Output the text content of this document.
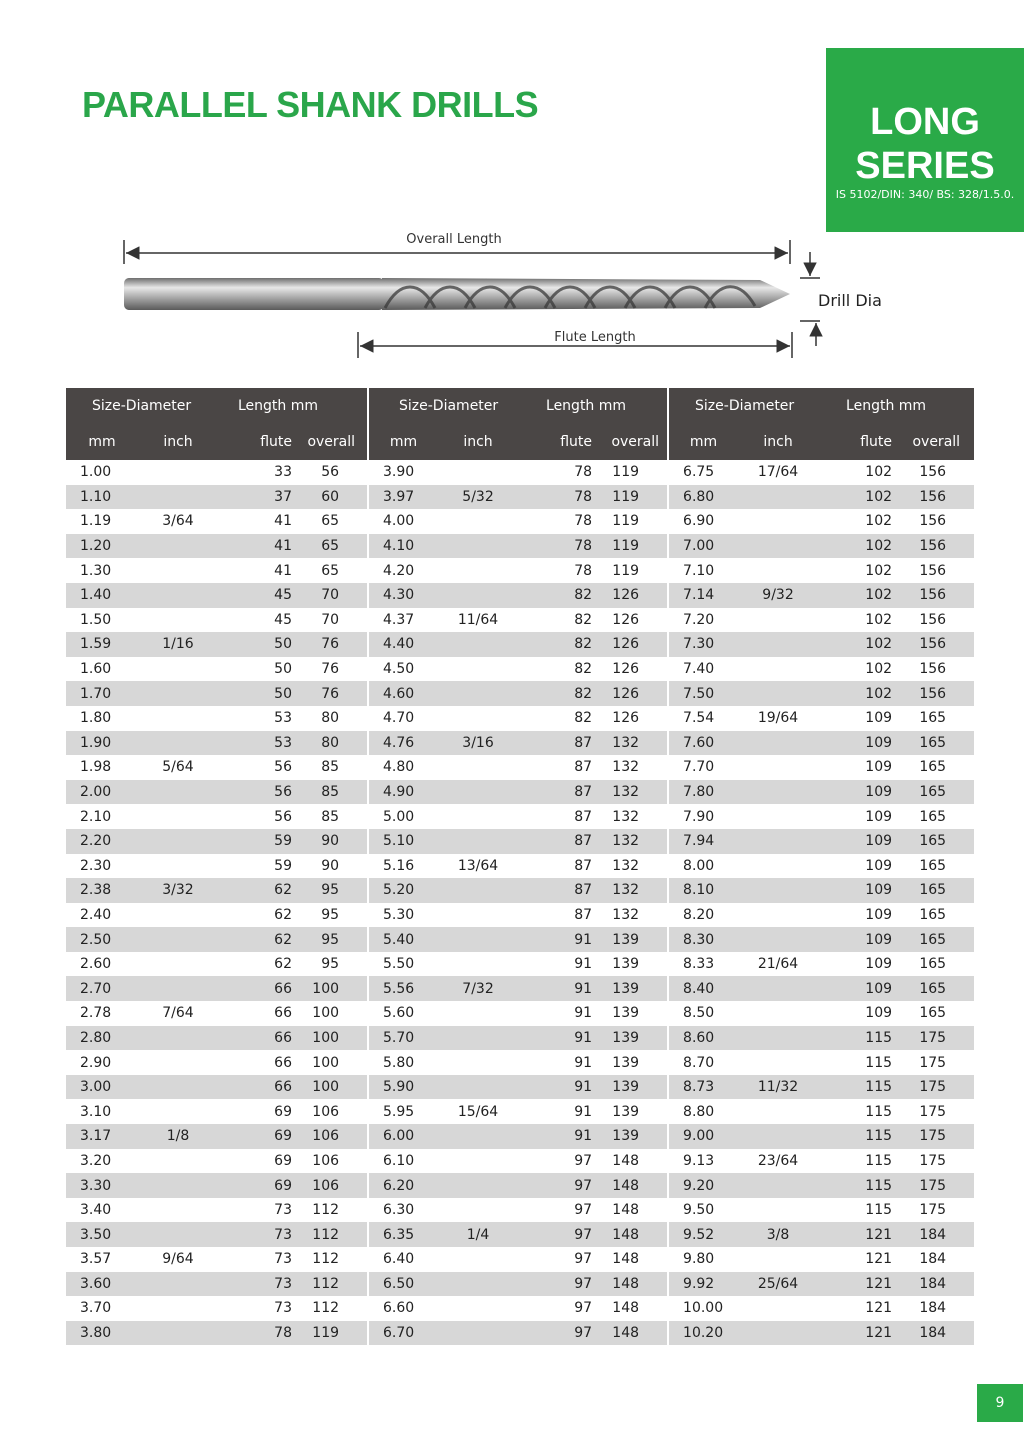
PARALLEL SHANK DRILLS	LONG
SERIES
IS 5102/DIN: 340/ BS: 328/1.5.0.
Overall Length
Drill Dia
Flute Length
Size-Diameter		Length mm		Size-Diameter		Length mm		Size-Diameter		Length mm	
mm	inch	flute	overall	mm	inch	flute	overall	mm	inch	flute	overall
1.00		33	56	3.90		78	119	6.75	17/64	102	156
1.10		37	60	3.97	5/32	78	119	6.80		102	156
1.19	3/64	41	65	4.00		78	119	6.90		102	156
1.20		41	65	4.10		78	119	7.00		102	156
1.30		41	65	4.20		78	119	7.10		102	156
1.40		45	70	4.30		82	126	7.14	9/32	102	156
1.50		45	70	4.37	11/64	82	126	7.20		102	156
1.59	1/16	50	76	4.40		82	126	7.30		102	156
1.60		50	76	4.50		82	126	7.40		102	156
1.70		50	76	4.60		82	126	7.50		102	156
1.80		53	80	4.70		82	126	7.54	19/64	109	165
1.90		53	80	4.76	3/16	87	132	7.60		109	165
1.98	5/64	56	85	4.80		87	132	7.70		109	165
2.00		56	85	4.90		87	132	7.80		109	165
2.10		56	85	5.00		87	132	7.90		109	165
2.20		59	90	5.10		87	132	7.94		109	165
2.30		59	90	5.16	13/64	87	132	8.00		109	165
2.38	3/32	62	95	5.20		87	132	8.10		109	165
2.40		62	95	5.30		87	132	8.20		109	165
2.50		62	95	5.40		91	139	8.30		109	165
2.60		62	95	5.50		91	139	8.33	21/64	109	165
2.70		66	100	5.56	7/32	91	139	8.40		109	165
2.78	7/64	66	100	5.60		91	139	8.50		109	165
2.80		66	100	5.70		91	139	8.60		115	175
2.90		66	100	5.80		91	139	8.70		115	175
3.00		66	100	5.90		91	139	8.73	11/32	115	175
3.10		69	106	5.95	15/64	91	139	8.80		115	175
3.17	1/8	69	106	6.00		91	139	9.00		115	175
3.20		69	106	6.10		97	148	9.13	23/64	115	175
3.30		69	106	6.20		97	148	9.20		115	175
3.40		73	112	6.30		97	148	9.50		115	175
3.50		73	112	6.35	1/4	97	148	9.52	3/8	121	184
3.57	9/64	73	112	6.40		97	148	9.80		121	184
3.60		73	112	6.50		97	148	9.92	25/64	121	184
3.70		73	112	6.60		97	148	10.00		121	184
3.80		78	119	6.70		97	148	10.20		121	184
9
